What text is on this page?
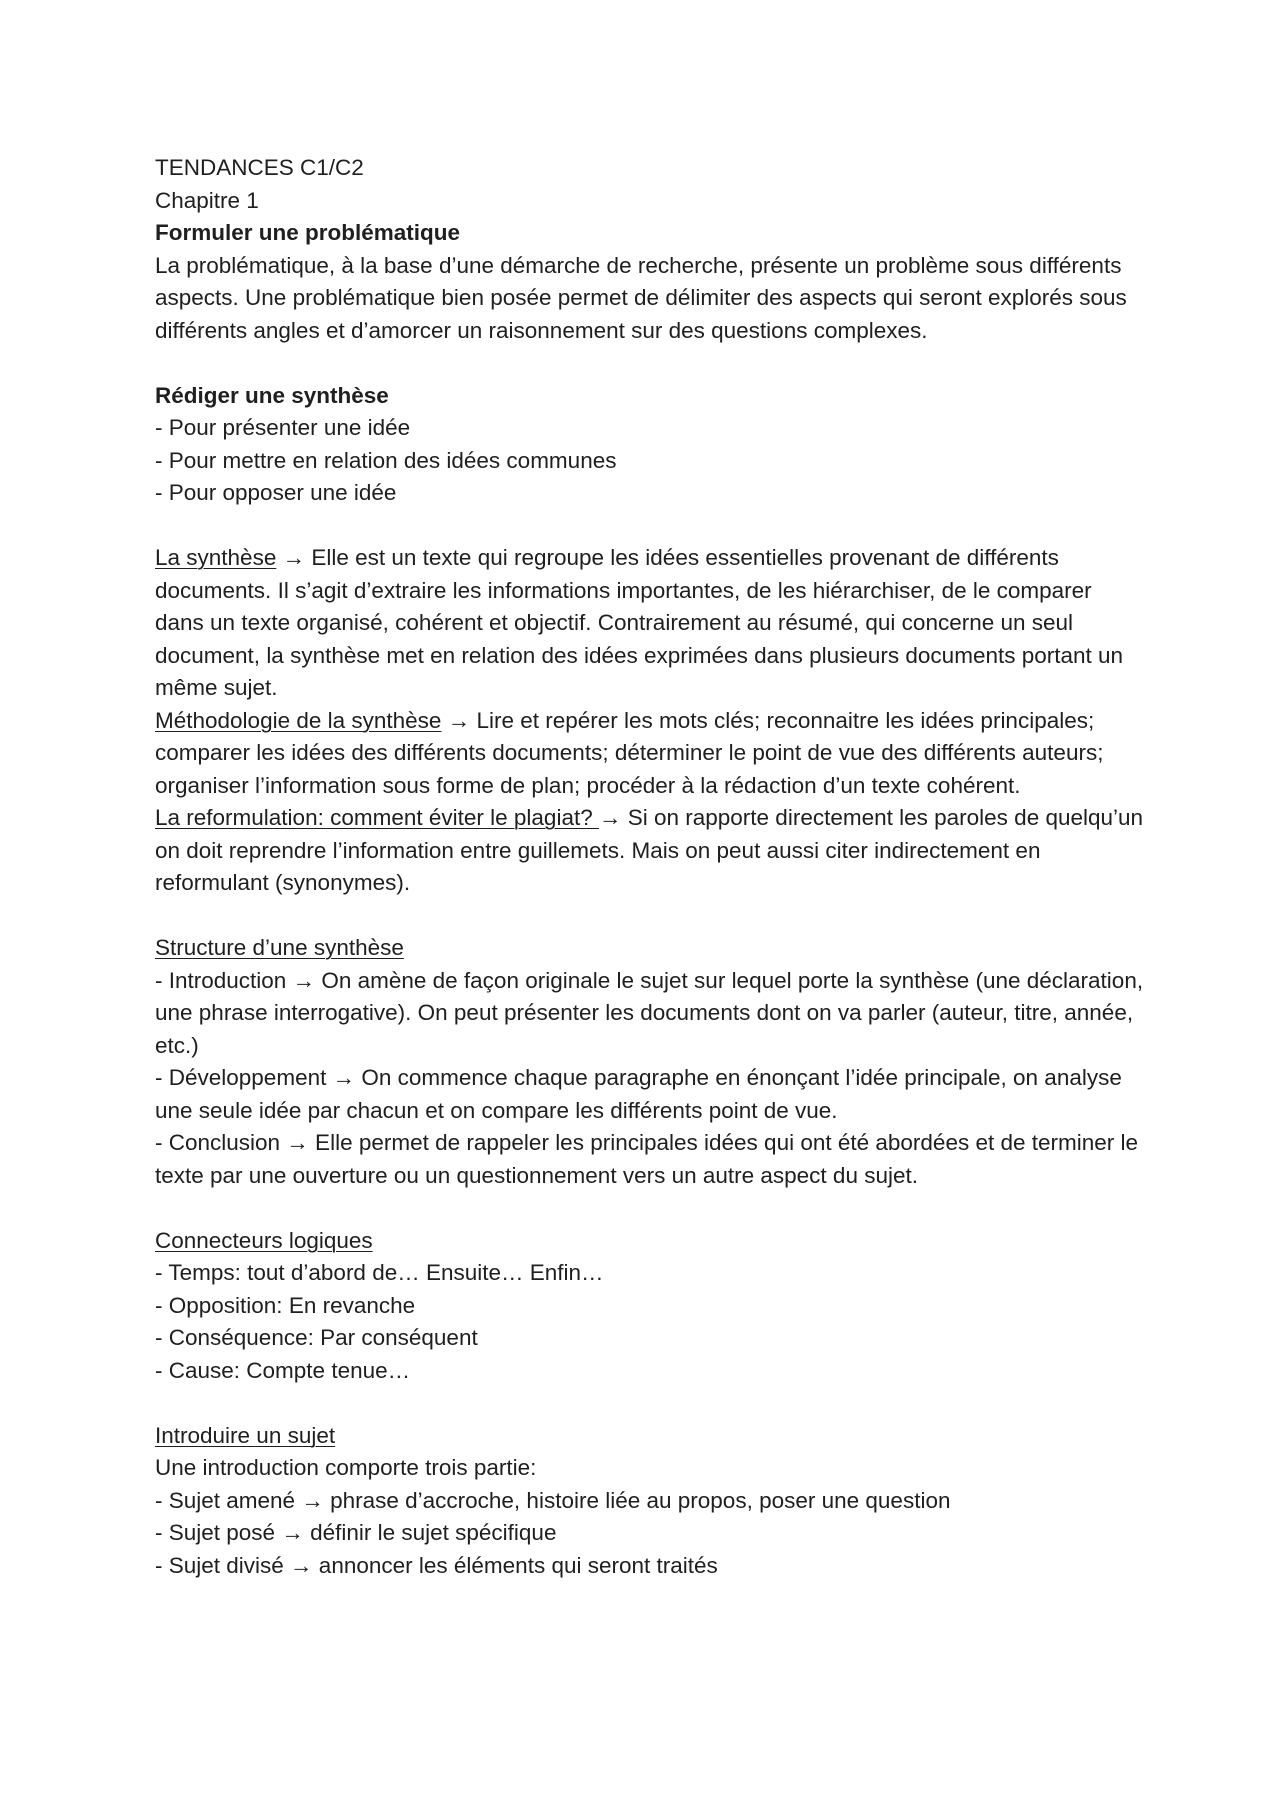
TENDANCES C1/C2
Chapitre 1
Formuler une problématique
La problématique, à la base d’une démarche de recherche, présente un problème sous différents aspects. Une problématique bien posée permet de délimiter des aspects qui seront explorés sous différents angles et d’amorcer un raisonnement sur des questions complexes.
Rédiger une synthèse
- Pour présenter une idée
- Pour mettre en relation des idées communes
- Pour opposer une idée
La synthèse → Elle est un texte qui regroupe les idées essentielles provenant de différents documents. Il s’agit d’extraire les informations importantes, de les hiérarchiser, de le comparer dans un texte organisé, cohérent et objectif. Contrairement au résumé, qui concerne un seul document, la synthèse met en relation des idées exprimées dans plusieurs documents portant un même sujet.
Méthodologie de la synthèse → Lire et repérer les mots clés; reconnaitre les idées principales; comparer les idées des différents documents; déterminer le point de vue des différents auteurs; organiser l’information sous forme de plan; procéder à la rédaction d’un texte cohérent.
La reformulation: comment éviter le plagiat? → Si on rapporte directement les paroles de quelqu’un on doit reprendre l’information entre guillemets. Mais on peut aussi citer indirectement en reformulant (synonymes).
Structure d’une synthèse
- Introduction → On amène de façon originale le sujet sur lequel porte la synthèse (une déclaration, une phrase interrogative). On peut présenter les documents dont on va parler (auteur, titre, année, etc.)
- Développement → On commence chaque paragraphe en énonçant l’idée principale, on analyse une seule idée par chacun et on compare les différents point de vue.
- Conclusion → Elle permet de rappeler les principales idées qui ont été abordées et de terminer le texte par une ouverture ou un questionnement vers un autre aspect du sujet.
Connecteurs logiques
- Temps: tout d’abord de… Ensuite… Enfin…
- Opposition: En revanche
- Conséquence: Par conséquent
- Cause: Compte tenue…
Introduire un sujet
Une introduction comporte trois partie:
- Sujet amené → phrase d’accroche, histoire liée au propos, poser une question
- Sujet posé → définir le sujet spécifique
- Sujet divisé → annoncer les éléments qui seront traités
